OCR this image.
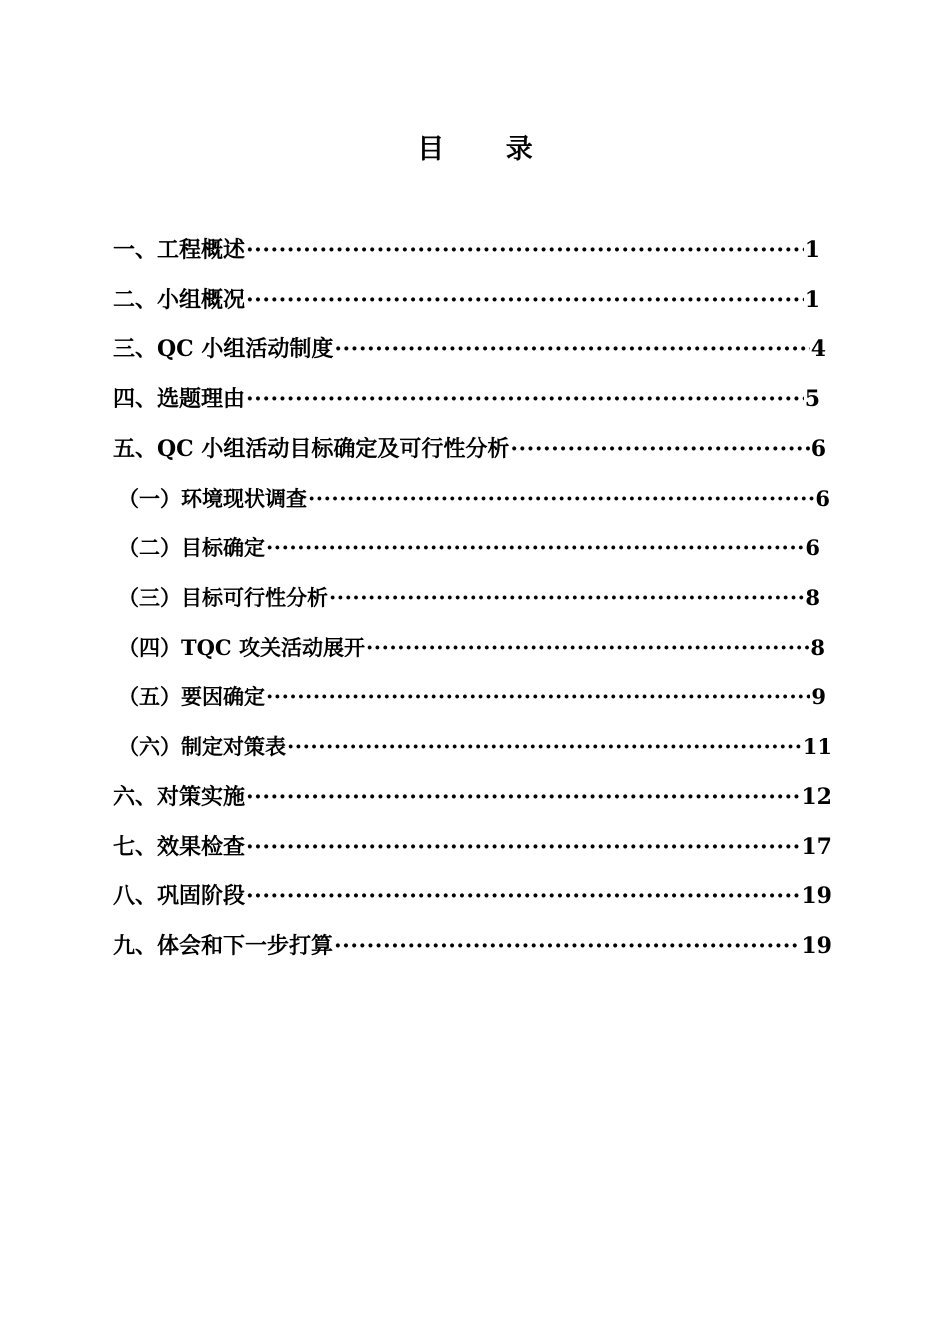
目 录
一、工程概述 ·····	1
二、小组概况 ·····	1
三、QC 小组活动制度 ·····	4
四、选题理由 ·····	5
五、QC 小组活动目标确定及可行性分析 ·····	6
（一）环境现状调查 ·····	6
（二）目标确定 ·····	6
（三）目标可行性分析 ·····	8
（四）TQC 攻关活动展开 ·····	8
（五）要因确定 ·····	9
（六）制定对策表 ·····	11
六、对策实施 ·····	12
七、效果检查 ·····	17
八、巩固阶段 ·····	19
九、体会和下一步打算 ·····	19
